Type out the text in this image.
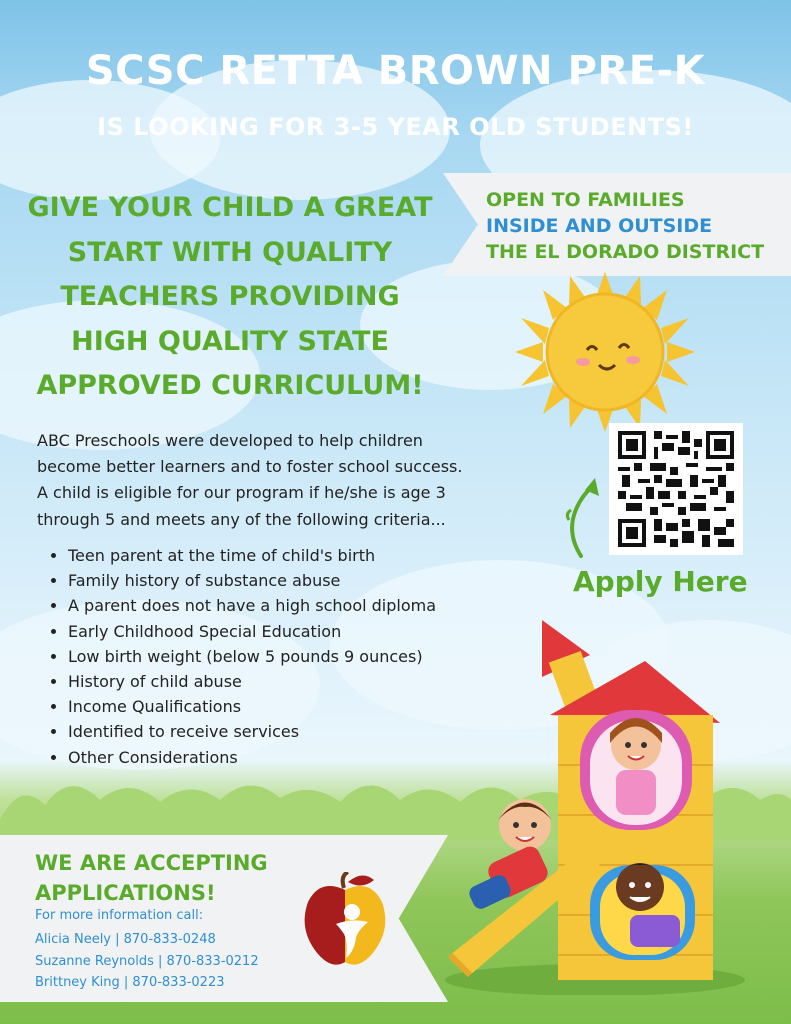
SCSC RETTA BROWN PRE-K
IS LOOKING FOR 3-5 YEAR OLD STUDENTS!
GIVE YOUR CHILD A GREAT
START WITH QUALITY
TEACHERS PROVIDING
HIGH QUALITY STATE
APPROVED CURRICULUM!
OPEN TO FAMILIES
INSIDE AND OUTSIDE
THE EL DORADO DISTRICT
ABC Preschools were developed to help children
become better learners and to foster school success.
A child is eligible for our program if he/she is age 3
through 5 and meets any of the following criteria...
• Teen parent at the time of child's birth
• Family history of substance abuse
• A parent does not have a high school diploma
• Early Childhood Special Education
• Low birth weight (below 5 pounds 9 ounces)
• History of child abuse
• Income Qualifications
• Identified to receive services
• Other Considerations
Apply Here
WE ARE ACCEPTING
APPLICATIONS!
For more information call:
Alicia Neely | 870-833-0248
Suzanne Reynolds | 870-833-0212
Brittney King | 870-833-0223
